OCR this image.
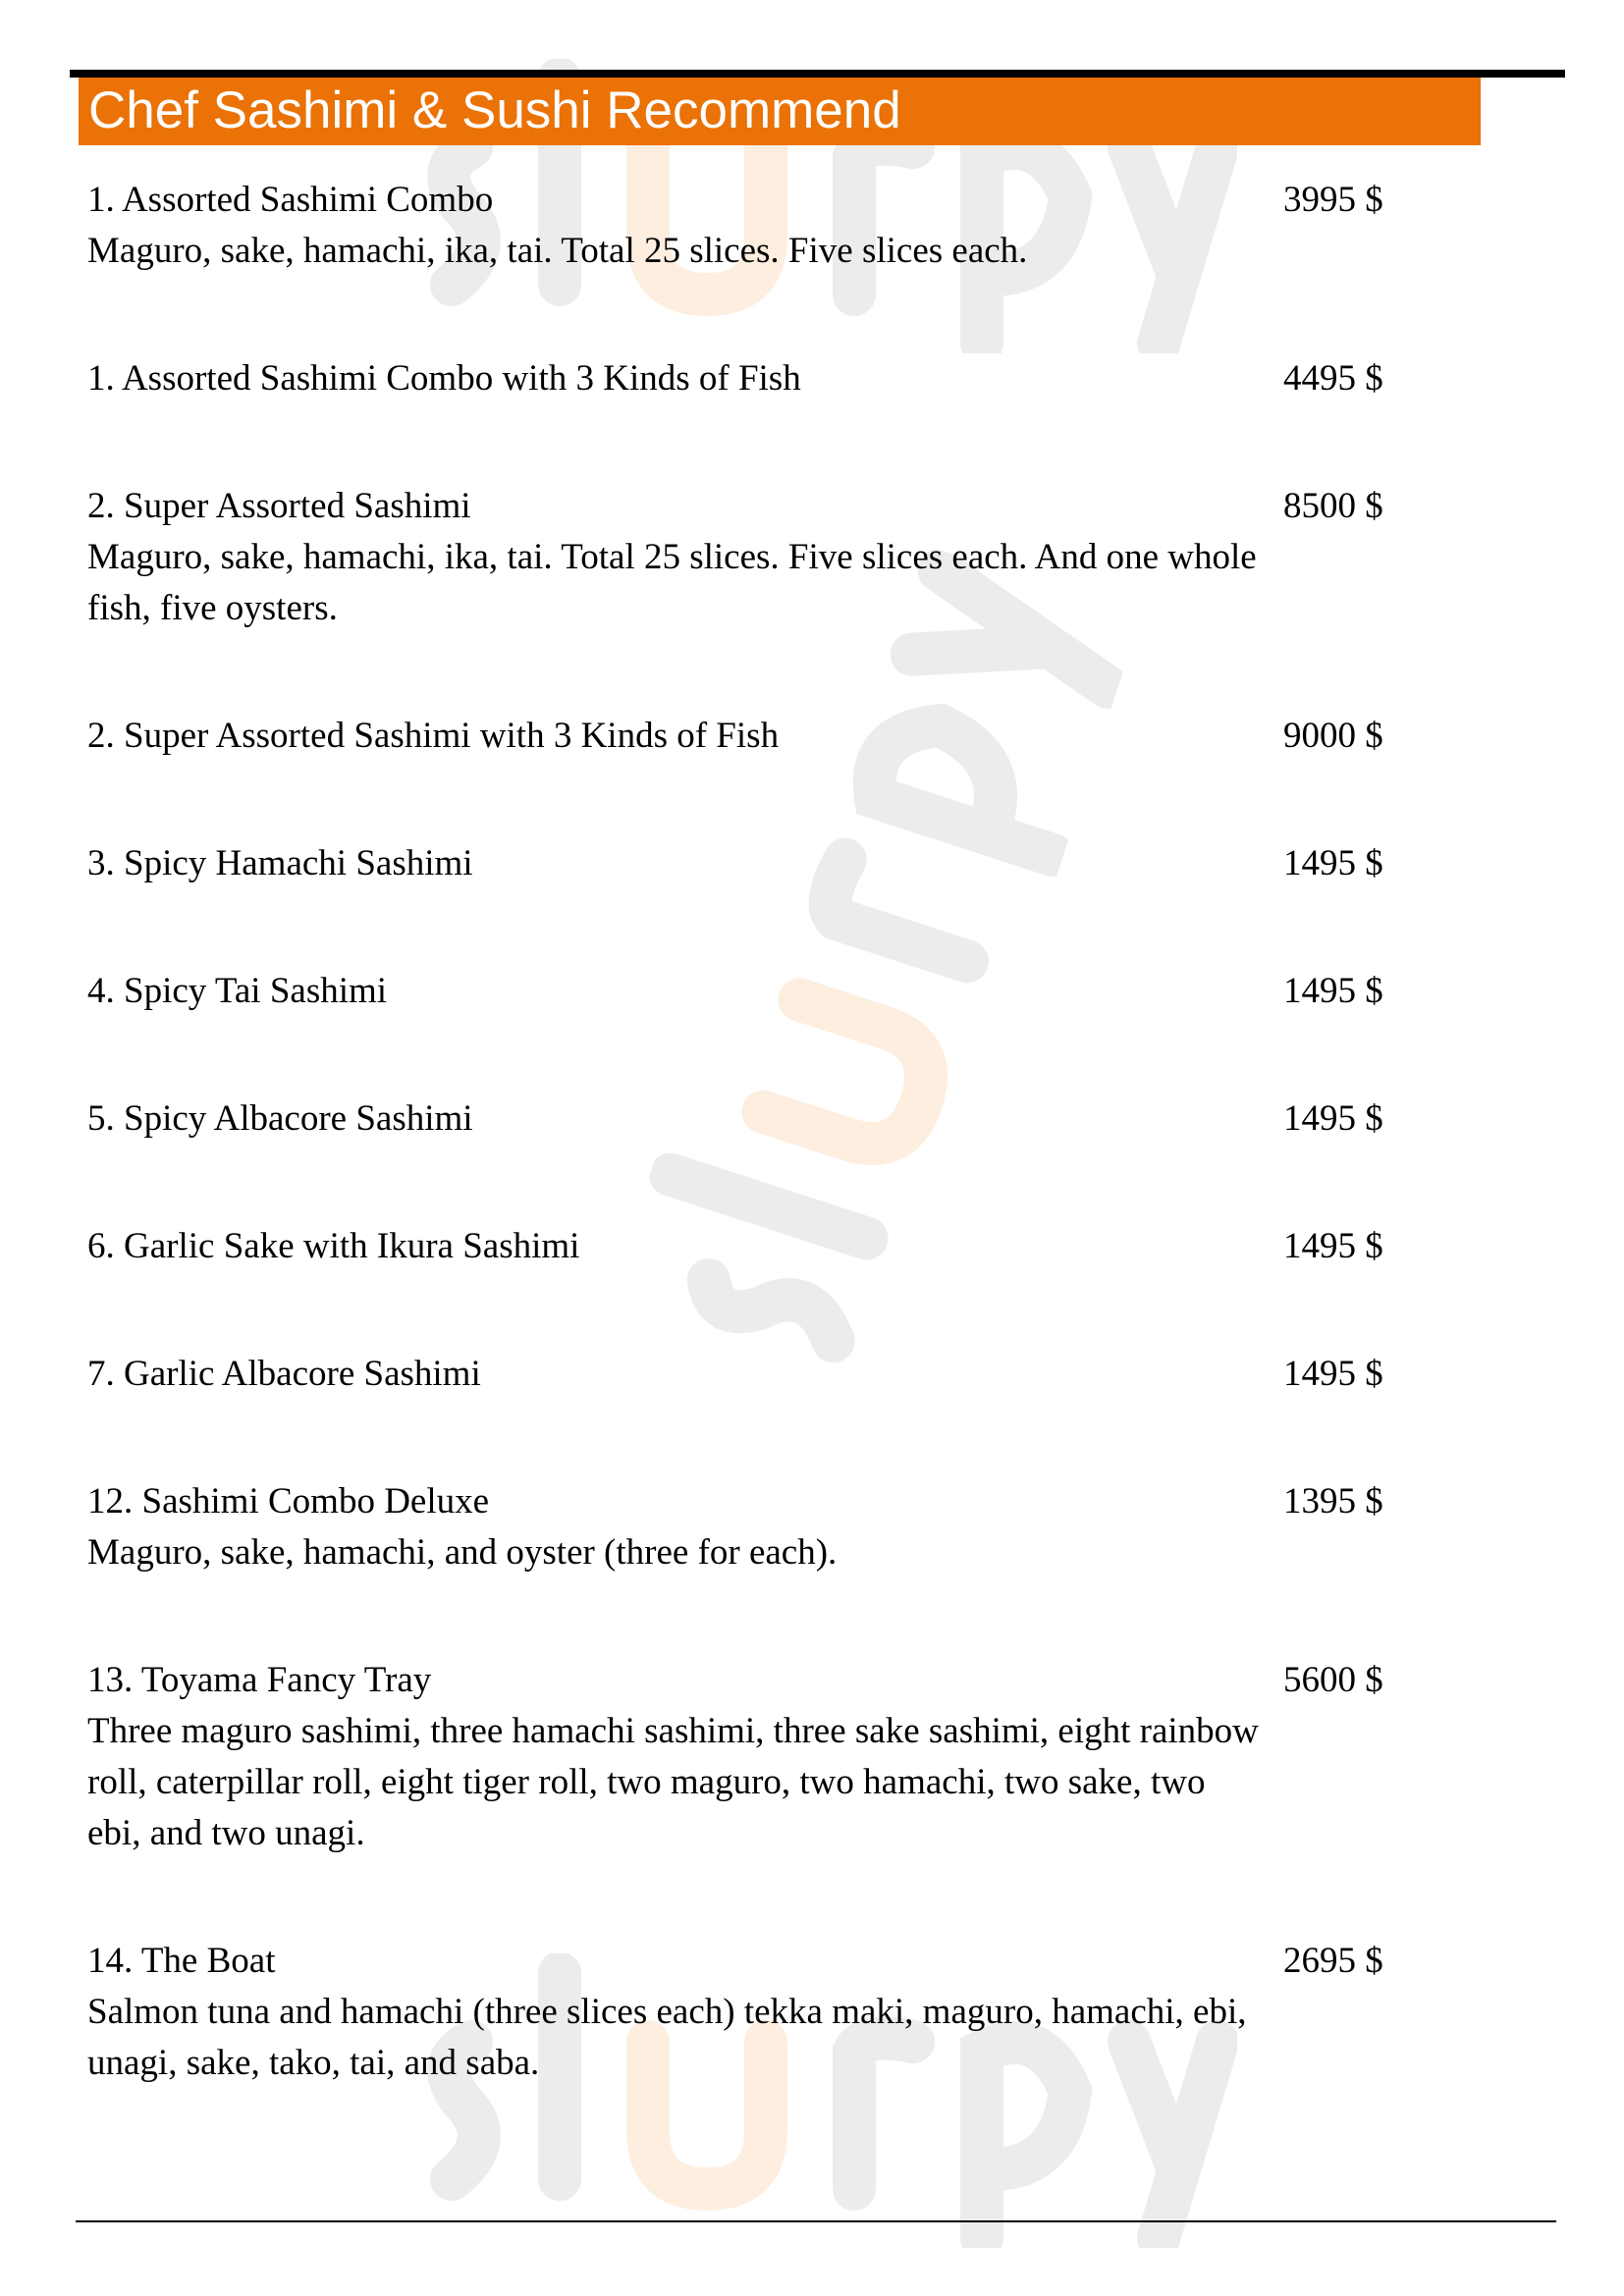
Chef Sashimi & Sushi Recommend
1. Assorted Sashimi Combo	3995 $
Maguro, sake, hamachi, ika, tai. Total 25 slices. Five slices each.
1. Assorted Sashimi Combo with 3 Kinds of Fish	4495 $
2. Super Assorted Sashimi	8500 $
Maguro, sake, hamachi, ika, tai. Total 25 slices. Five slices each. And one whole fish, five oysters.
2. Super Assorted Sashimi with 3 Kinds of Fish	9000 $
3. Spicy Hamachi Sashimi	1495 $
4. Spicy Tai Sashimi	1495 $
5. Spicy Albacore Sashimi	1495 $
6. Garlic Sake with Ikura Sashimi	1495 $
7. Garlic Albacore Sashimi	1495 $
12. Sashimi Combo Deluxe	1395 $
Maguro, sake, hamachi, and oyster (three for each).
13. Toyama Fancy Tray	5600 $
Three maguro sashimi, three hamachi sashimi, three sake sashimi, eight rainbow roll, caterpillar roll, eight tiger roll, two maguro, two hamachi, two sake, two ebi, and two unagi.
14. The Boat	2695 $
Salmon tuna and hamachi (three slices each) tekka maki, maguro, hamachi, ebi, unagi, sake, tako, tai, and saba.
